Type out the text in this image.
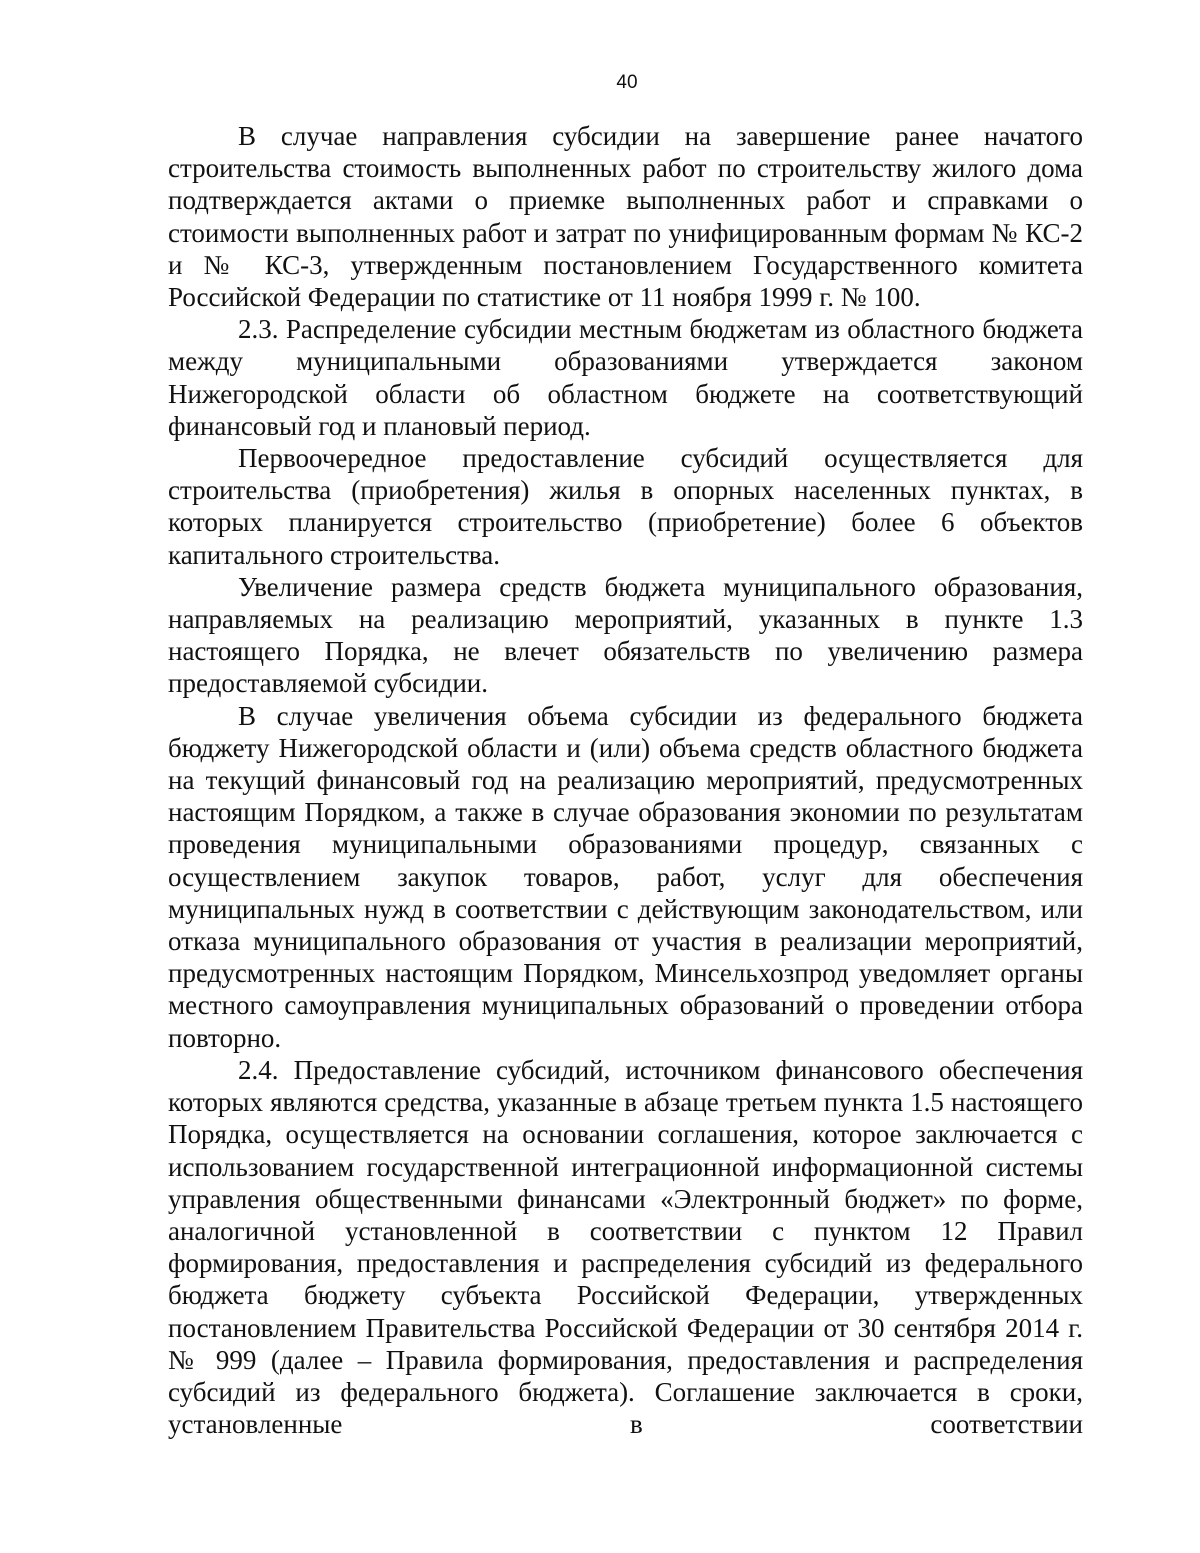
40

В случае направления субсидии на завершение ранее начатого строительства стоимость выполненных работ по строительству жилого дома подтверждается актами о приемке выполненных работ и справками о стоимости выполненных работ и затрат по унифицированным формам № КС-2 и № КС-3, утвержденным постановлением Государственного комитета Российской Федерации по статистике от 11 ноября 1999 г. № 100.

2.3. Распределение субсидии местным бюджетам из областного бюджета между муниципальными образованиями утверждается законом Нижегородской области об областном бюджете на соответствующий финансовый год и плановый период.

Первоочередное предоставление субсидий осуществляется для строительства (приобретения) жилья в опорных населенных пунктах, в которых планируется строительство (приобретение) более 6 объектов капитального строительства.

Увеличение размера средств бюджета муниципального образования, направляемых на реализацию мероприятий, указанных в пункте 1.3 настоящего Порядка, не влечет обязательств по увеличению размера предоставляемой субсидии.

В случае увеличения объема субсидии из федерального бюджета бюджету Нижегородской области и (или) объема средств областного бюджета на текущий финансовый год на реализацию мероприятий, предусмотренных настоящим Порядком, а также в случае образования экономии по результатам проведения муниципальными образованиями процедур, связанных с осуществлением закупок товаров, работ, услуг для обеспечения муниципальных нужд в соответствии с действующим законодательством, или отказа муниципального образования от участия в реализации мероприятий, предусмотренных настоящим Порядком, Минсельхозпрод уведомляет органы местного самоуправления муниципальных образований о проведении отбора повторно.

2.4. Предоставление субсидий, источником финансового обеспечения которых являются средства, указанные в абзаце третьем пункта 1.5 настоящего Порядка, осуществляется на основании соглашения, которое заключается с использованием государственной интеграционной информационной системы управления общественными финансами «Электронный бюджет» по форме, аналогичной установленной в соответствии с пунктом 12 Правил формирования, предоставления и распределения субсидий из федерального бюджета бюджету субъекта Российской Федерации, утвержденных постановлением Правительства Российской Федерации от 30 сентября 2014 г. № 999 (далее – Правила формирования, предоставления и распределения субсидий из федерального бюджета). Соглашение заключается в сроки, установленные в соответствии
